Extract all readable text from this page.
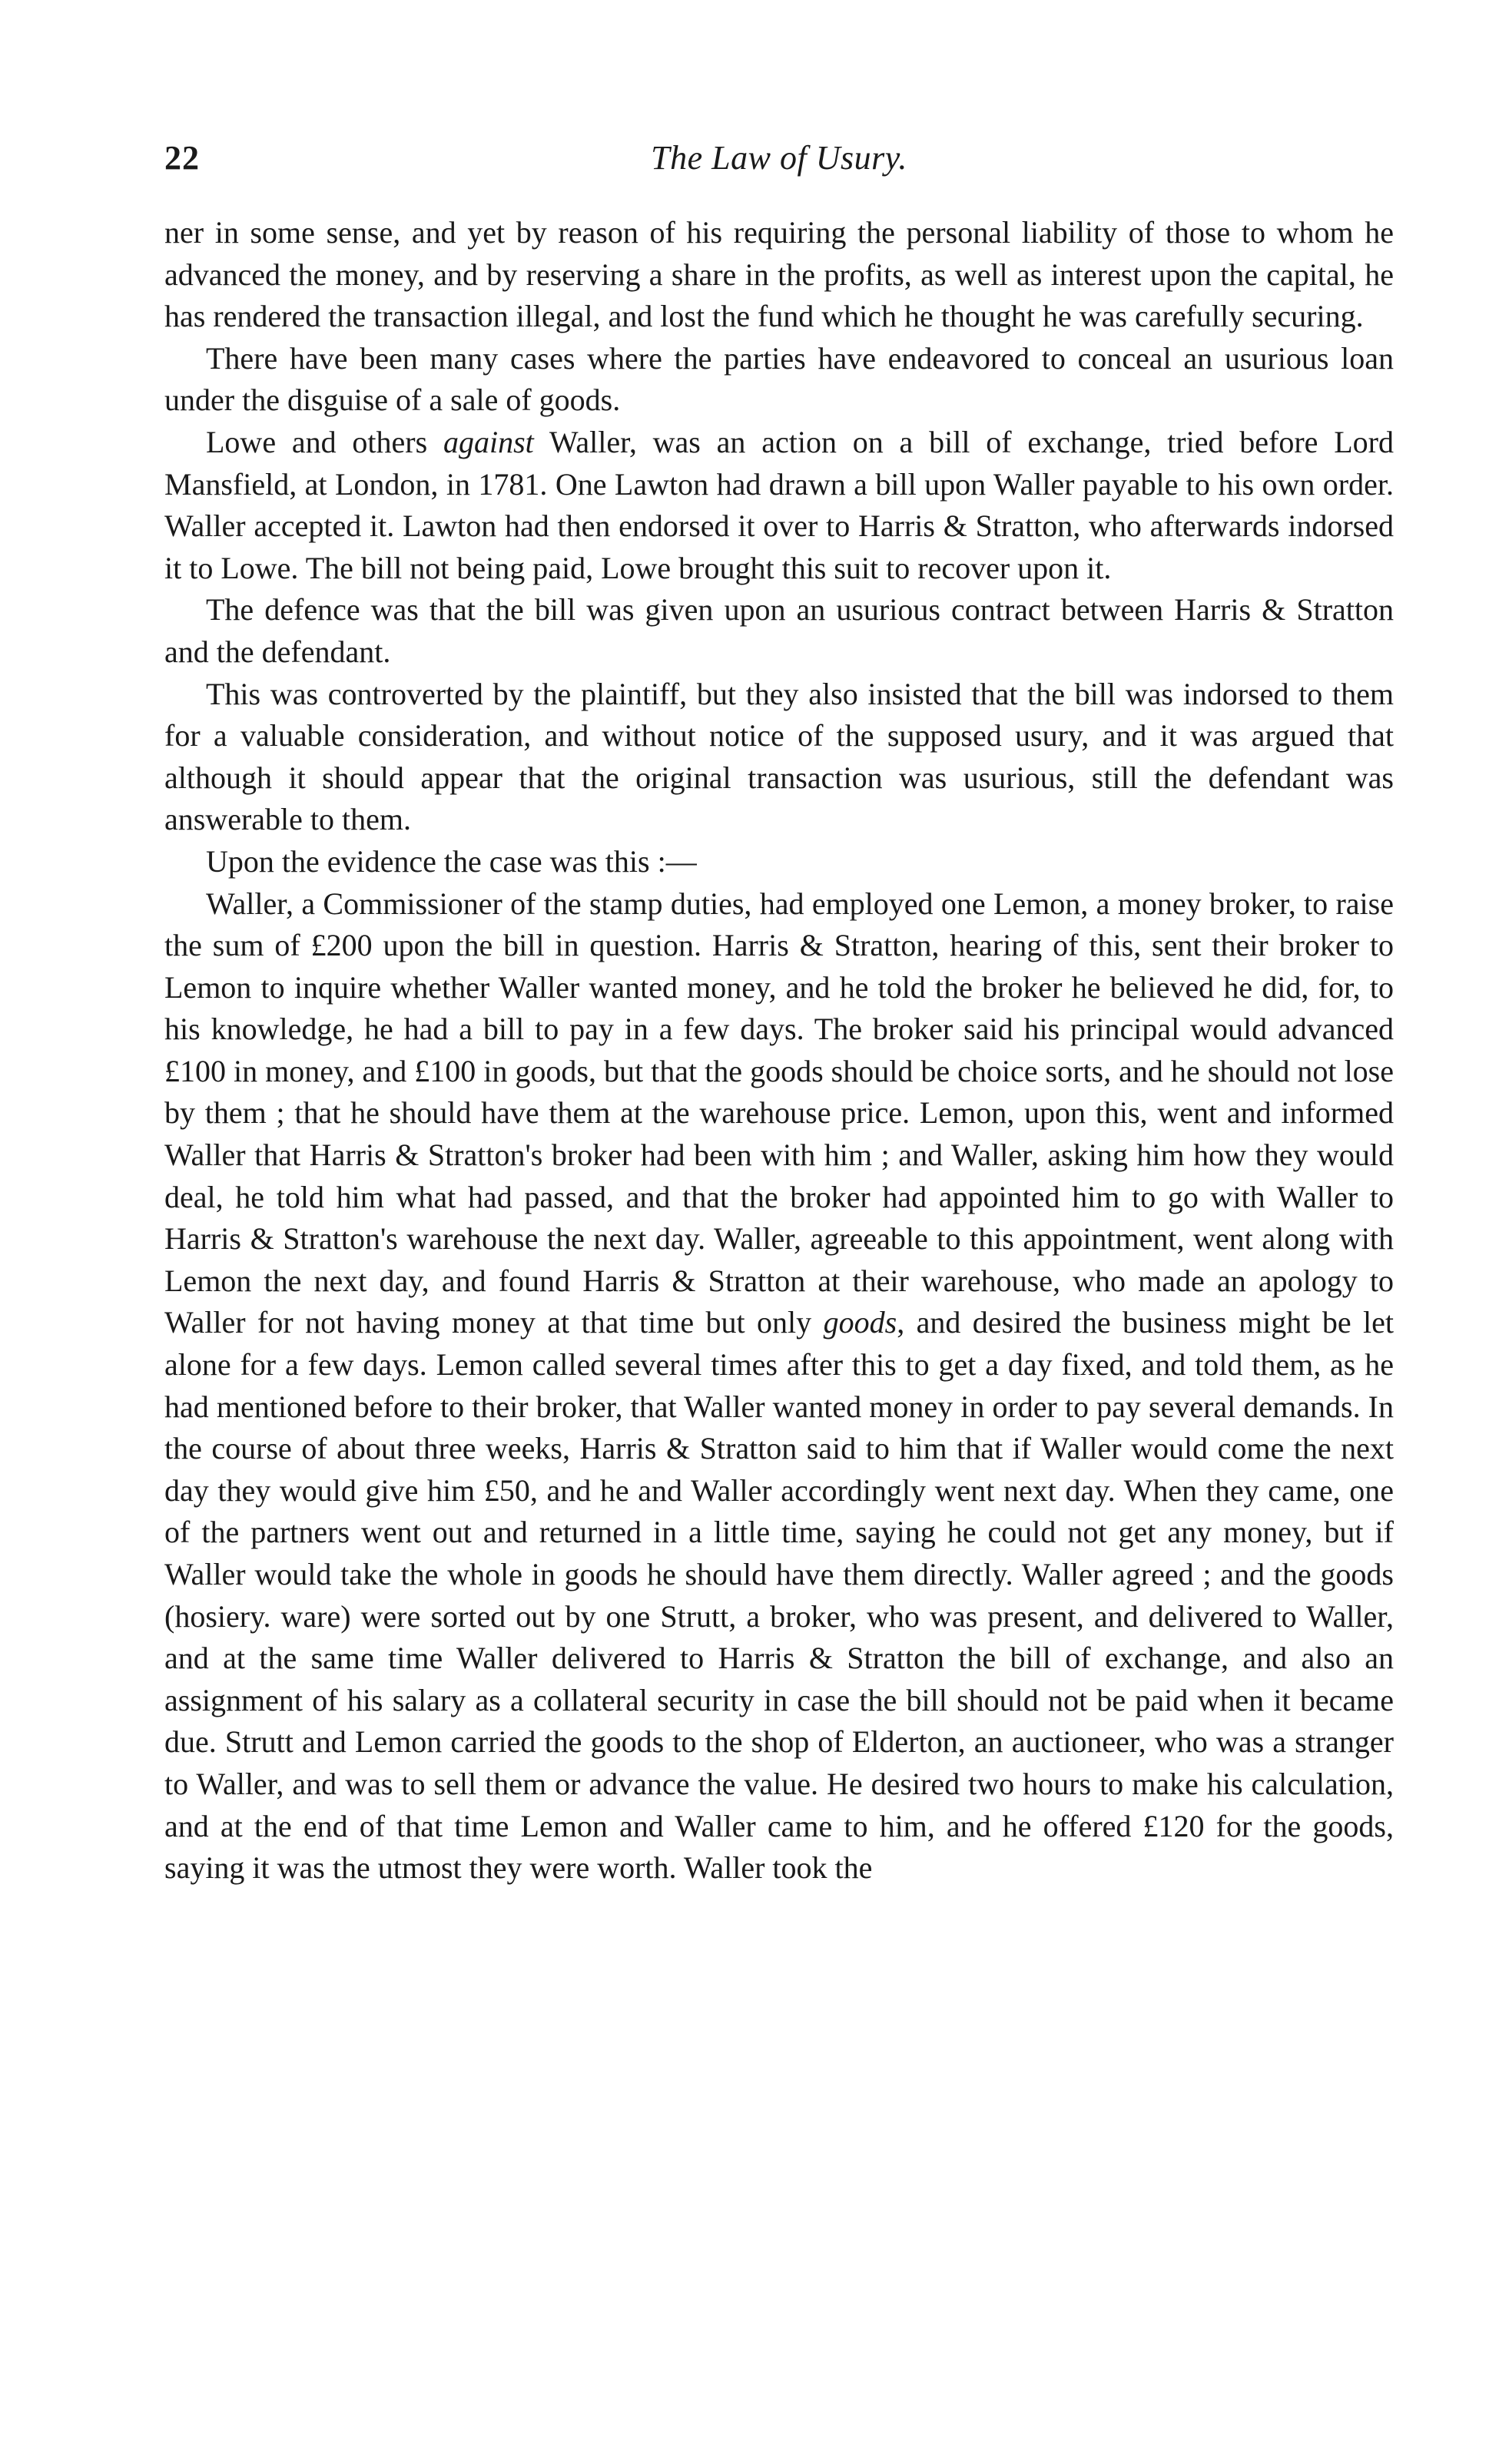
22	The Law of Usury.

ner in some sense, and yet by reason of his requiring the personal liability of those to whom he advanced the money, and by reserving a share in the profits, as well as interest upon the capital, he has rendered the transaction illegal, and lost the fund which he thought he was carefully securing.

There have been many cases where the parties have endeavored to conceal an usurious loan under the disguise of a sale of goods.

Lowe and others against Waller, was an action on a bill of exchange, tried before Lord Mansfield, at London, in 1781. One Lawton had drawn a bill upon Waller payable to his own order. Waller accepted it. Lawton had then endorsed it over to Harris & Stratton, who afterwards indorsed it to Lowe. The bill not being paid, Lowe brought this suit to recover upon it.

The defence was that the bill was given upon an usurious contract between Harris & Stratton and the defendant.

This was controverted by the plaintiff, but they also insisted that the bill was indorsed to them for a valuable consideration, and without notice of the supposed usury, and it was argued that although it should appear that the original transaction was usurious, still the defendant was answerable to them.

Upon the evidence the case was this :—

Waller, a Commissioner of the stamp duties, had employed one Lemon, a money broker, to raise the sum of £200 upon the bill in question. Harris & Stratton, hearing of this, sent their broker to Lemon to inquire whether Waller wanted money, and he told the broker he believed he did, for, to his knowledge, he had a bill to pay in a few days. The broker said his principal would advanced £100 in money, and £100 in goods, but that the goods should be choice sorts, and he should not lose by them ; that he should have them at the warehouse price. Lemon, upon this, went and informed Waller that Harris & Stratton's broker had been with him ; and Waller, asking him how they would deal, he told him what had passed, and that the broker had appointed him to go with Waller to Harris & Stratton's warehouse the next day. Waller, agreeable to this appointment, went along with Lemon the next day, and found Harris & Stratton at their warehouse, who made an apology to Waller for not having money at that time but only goods, and desired the business might be let alone for a few days. Lemon called several times after this to get a day fixed, and told them, as he had mentioned before to their broker, that Waller wanted money in order to pay several demands. In the course of about three weeks, Harris & Stratton said to him that if Waller would come the next day they would give him £50, and he and Waller accordingly went next day. When they came, one of the partners went out and returned in a little time, saying he could not get any money, but if Waller would take the whole in goods he should have them directly. Waller agreed ; and the goods (hosiery. ware) were sorted out by one Strutt, a broker, who was present, and delivered to Waller, and at the same time Waller delivered to Harris & Stratton the bill of exchange, and also an assignment of his salary as a collateral security in case the bill should not be paid when it became due. Strutt and Lemon carried the goods to the shop of Elderton, an auctioneer, who was a stranger to Waller, and was to sell them or advance the value. He desired two hours to make his calculation, and at the end of that time Lemon and Waller came to him, and he offered £120 for the goods, saying it was the utmost they were worth. Waller took the
